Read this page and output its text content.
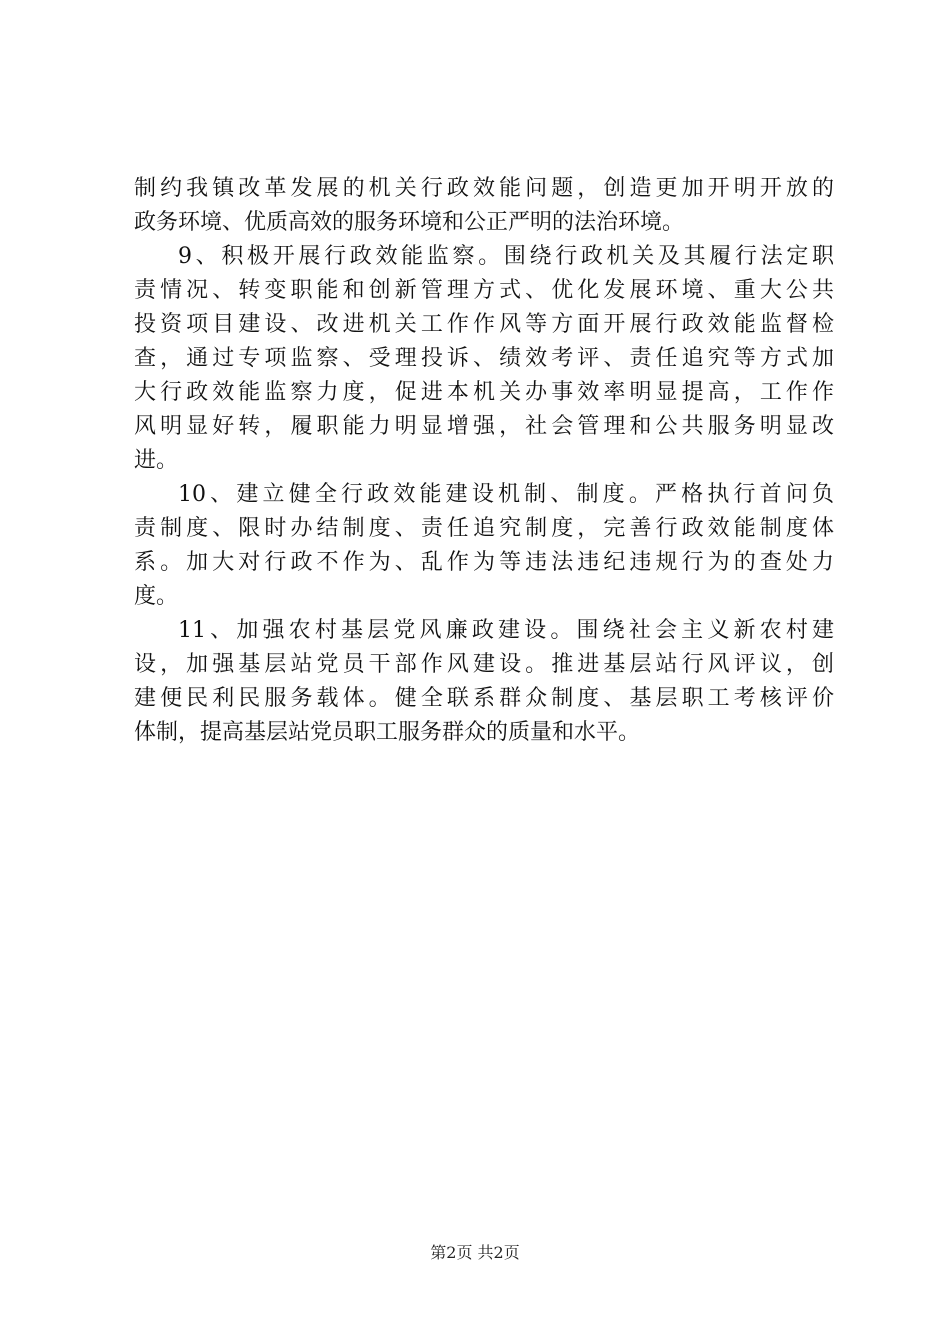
制约我镇改革发展的机关行政效能问题，创造更加开明开放的
政务环境、优质高效的服务环境和公正严明的法治环境。
9、积极开展行政效能监察。围绕行政机关及其履行法定职
责情况、转变职能和创新管理方式、优化发展环境、重大公共
投资项目建设、改进机关工作作风等方面开展行政效能监督检
查，通过专项监察、受理投诉、绩效考评、责任追究等方式加
大行政效能监察力度，促进本机关办事效率明显提高，工作作
风明显好转，履职能力明显增强，社会管理和公共服务明显改
进。
10、建立健全行政效能建设机制、制度。严格执行首问负
责制度、限时办结制度、责任追究制度，完善行政效能制度体
系。加大对行政不作为、乱作为等违法违纪违规行为的查处力
度。
11、加强农村基层党风廉政建设。围绕社会主义新农村建
设，加强基层站党员干部作风建设。推进基层站行风评议，创
建便民利民服务载体。健全联系群众制度、基层职工考核评价
体制，提高基层站党员职工服务群众的质量和水平。
第2页 共2页
